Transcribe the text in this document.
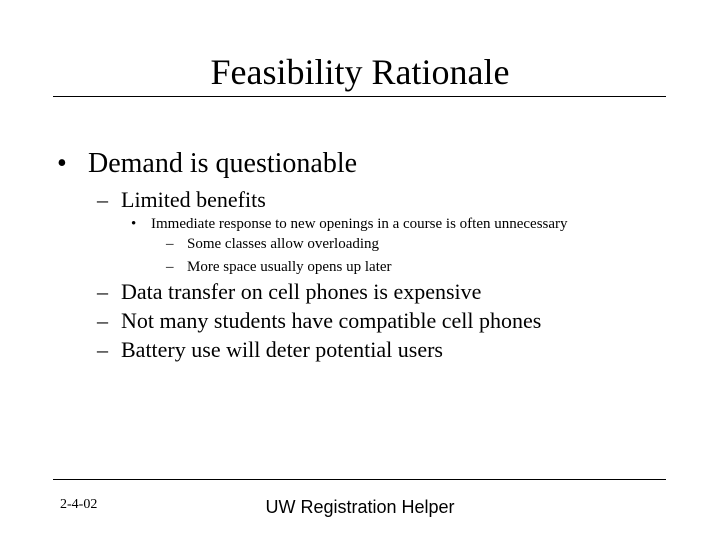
Feasibility Rationale
• Demand is questionable
– Limited benefits
• Immediate response to new openings in a course is often unnecessary
– Some classes allow overloading
– More space usually opens up later
– Data transfer on cell phones is expensive
– Not many students have compatible cell phones
– Battery use will deter potential users
2-4-02	UW Registration Helper
